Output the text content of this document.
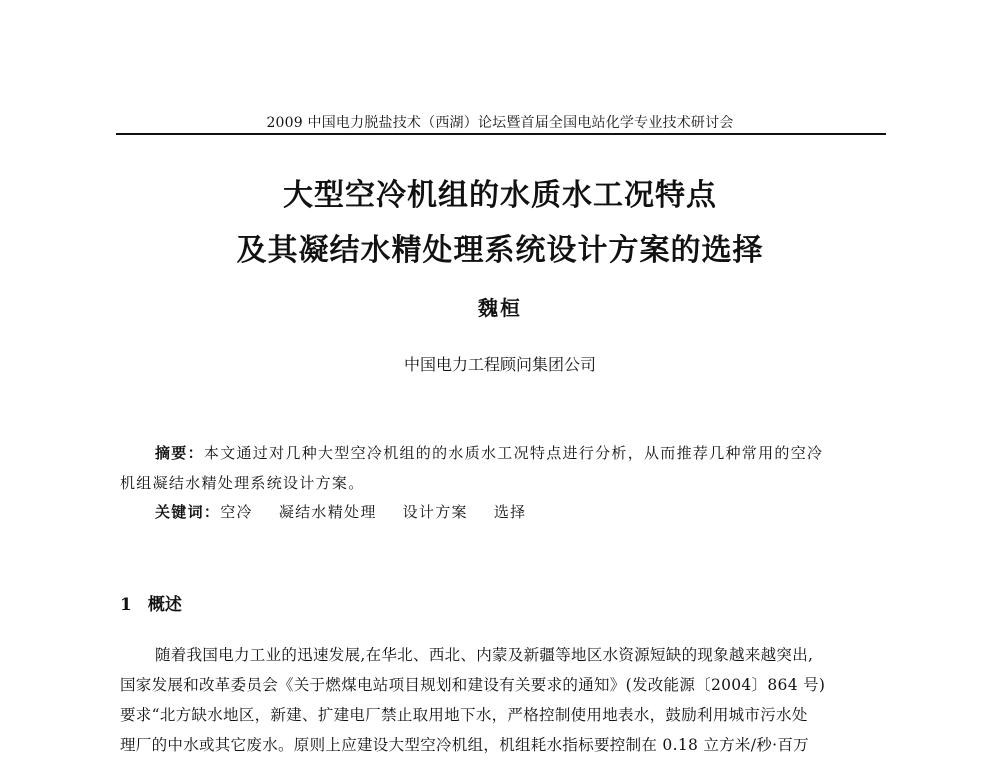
2009 中国电力脱盐技术（西湖）论坛暨首届全国电站化学专业技术研讨会
大型空冷机组的水质水工况特点
及其凝结水精处理系统设计方案的选择
魏桓
中国电力工程顾问集团公司
摘要：本文通过对几种大型空冷机组的的水质水工况特点进行分析，从而推荐几种常用的空冷
机组凝结水精处理系统设计方案。
关键词：空冷 凝结水精处理 设计方案 选择
1 概述
随着我国电力工业的迅速发展,在华北、西北、内蒙及新疆等地区水资源短缺的现象越来越突出,
国家发展和改革委员会《关于燃煤电站项目规划和建设有关要求的通知》(发改能源〔2004〕864 号)
要求“北方缺水地区，新建、扩建电厂禁止取用地下水，严格控制使用地表水，鼓励利用城市污水处
理厂的中水或其它废水。原则上应建设大型空冷机组，机组耗水指标要控制在 0.18 立方米/秒·百万
